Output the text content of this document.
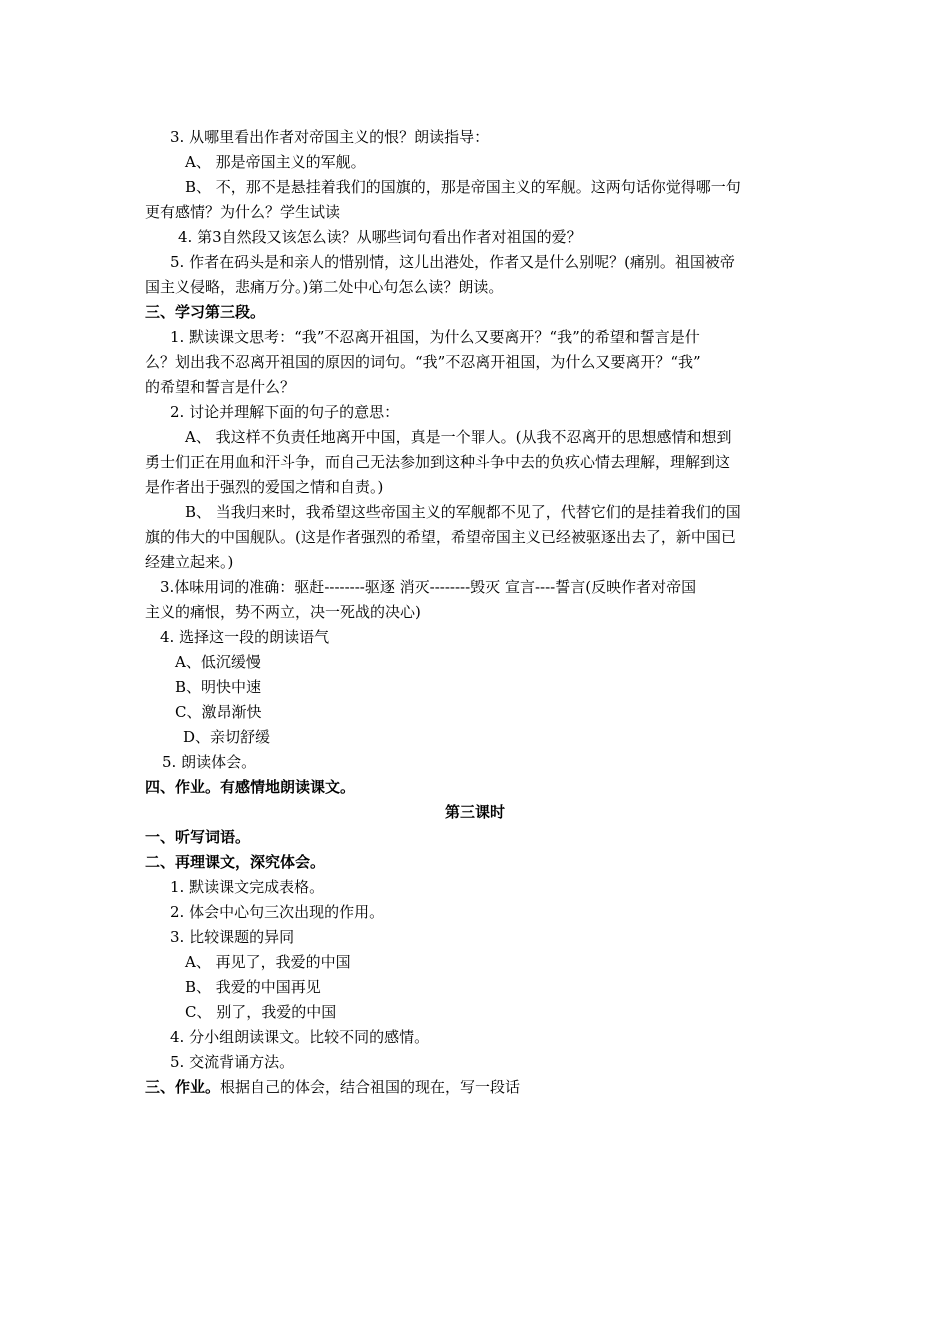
3. 从哪里看出作者对帝国主义的恨？朗读指导：
A、 那是帝国主义的军舰。
B、 不，那不是悬挂着我们的国旗的，那是帝国主义的军舰。这两句话你觉得哪一句
更有感情？为什么？学生试读
4. 第3自然段又该怎么读？从哪些词句看出作者对祖国的爱？
5. 作者在码头是和亲人的惜别情，这儿出港处，作者又是什么别呢？(痛别。祖国被帝
国主义侵略，悲痛万分。)第二处中心句怎么读？朗读。
三、学习第三段。
1. 默读课文思考：“我”不忍离开祖国，为什么又要离开？“我”的希望和誓言是什
么？划出我不忍离开祖国的原因的词句。“我”不忍离开祖国，为什么又要离开？“我”
的希望和誓言是什么？
2. 讨论并理解下面的句子的意思：
A、 我这样不负责任地离开中国，真是一个罪人。(从我不忍离开的思想感情和想到
勇士们正在用血和汗斗争，而自己无法参加到这种斗争中去的负疚心情去理解，理解到这
是作者出于强烈的爱国之情和自责。)
B、 当我归来时，我希望这些帝国主义的军舰都不见了，代替它们的是挂着我们的国
旗的伟大的中国舰队。(这是作者强烈的希望，希望帝国主义已经被驱逐出去了，新中国已
经建立起来。)
3.体味用词的准确：驱赶--------驱逐 消灭--------毁灭 宣言----誓言(反映作者对帝国
主义的痛恨，势不两立，决一死战的决心)
4. 选择这一段的朗读语气
A、低沉缓慢
B、明快中速
C、激昂渐快
D、亲切舒缓
5. 朗读体会。
四、作业。有感情地朗读课文。
第三课时
一、听写词语。
二、再理课文，深究体会。
1. 默读课文完成表格。
2. 体会中心句三次出现的作用。
3. 比较课题的异同
A、 再见了，我爱的中国
B、 我爱的中国再见
C、 别了，我爱的中国
4. 分小组朗读课文。比较不同的感情。
5. 交流背诵方法。
三、作业。根据自己的体会，结合祖国的现在，写一段话
